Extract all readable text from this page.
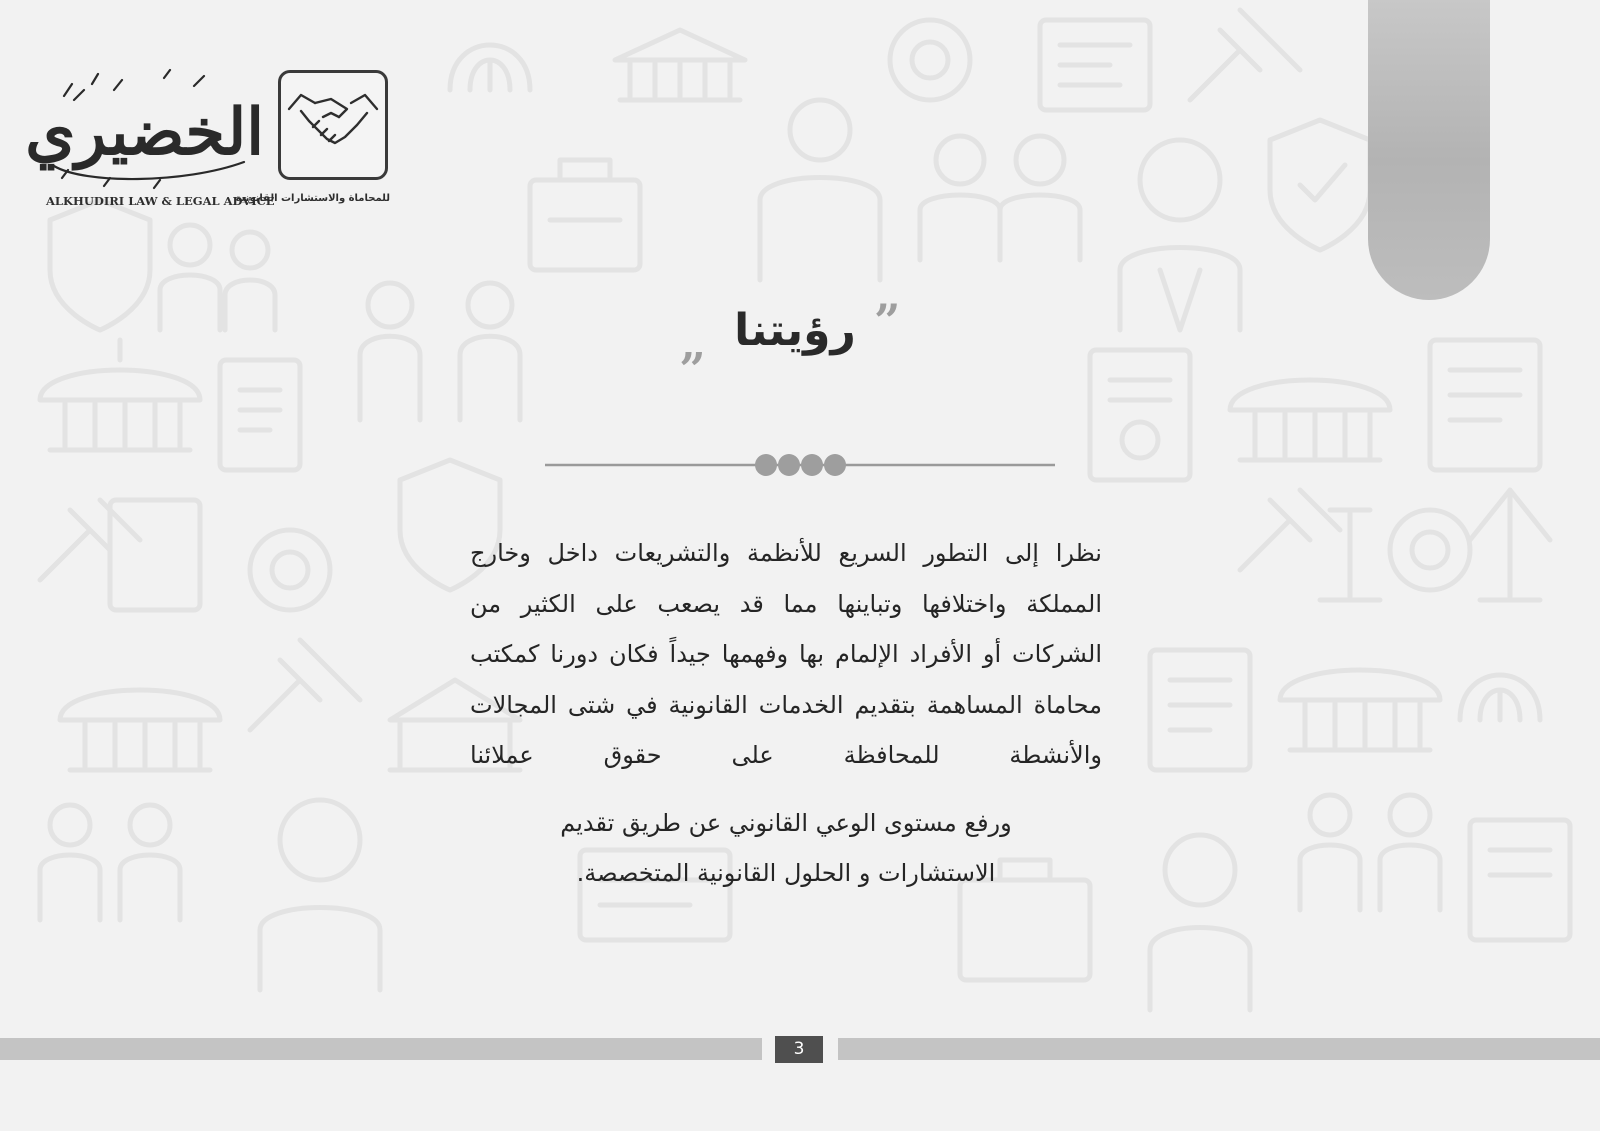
الخضيري
ALKHUDIRI LAW & LEGAL ADVICE
للمحاماة والاستشارات القانونية
„ رؤيتنا ”
نظرا إلى التطور السريع للأنظمة والتشريعات داخل وخارج المملكة واختلافها وتباينها مما قد يصعب على الكثير من الشركات أو الأفراد الإلمام بها وفهمها جيداً فكان دورنا كمكتب محاماة المساهمة بتقديم الخدمات القانونية في شتى المجالات والأنشطة للمحافظة على حقوق عملائنا
ورفع مستوى الوعي القانوني عن طريق تقديم
الاستشارات و الحلول القانونية المتخصصة.
3
